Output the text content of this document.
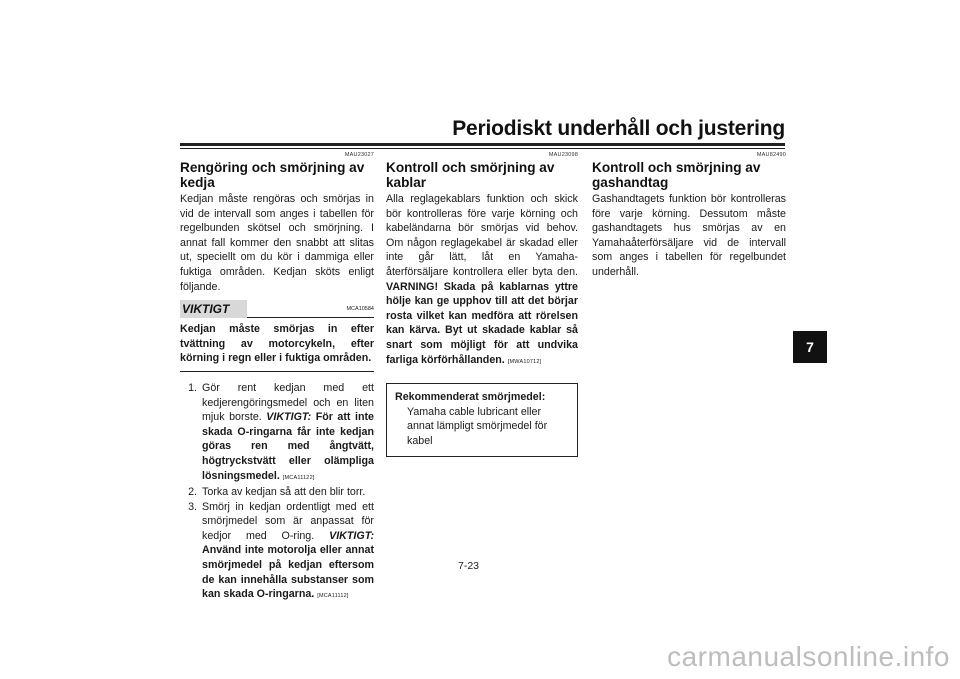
Periodiskt underhåll och justering
MAU23027
Rengöring och smörjning av kedja

Kedjan måste rengöras och smörjas in vid de intervall som anges i tabellen för regelbunden skötsel och smörjning. I annat fall kommer den snabbt att slitas ut, speciellt om du kör i dammiga eller fuktiga områden. Kedjan sköts enligt följande.

VIKTIGT	MCA10584

Kedjan måste smörjas in efter tvättning av motorcykeln, efter körning i regn eller i fuktiga områden.

1. Gör rent kedjan med ett kedjerengöringsmedel och en liten mjuk borste. VIKTIGT: För att inte skada O-ringarna får inte kedjan göras ren med ångtvätt, högtryckstvätt eller olämpliga lösningsmedel. [MCA11122]
2. Torka av kedjan så att den blir torr.
3. Smörj in kedjan ordentligt med ett smörjmedel som är anpassat för kedjor med O-ring. VIKTIGT: Använd inte motorolja eller annat smörjmedel på kedjan eftersom de kan innehålla substanser som kan skada O-ringarna. [MCA11112]
MAU23098
Kontroll och smörjning av kablar

Alla reglagekablars funktion och skick bör kontrolleras före varje körning och kabeländarna bör smörjas vid behov. Om någon reglagekabel är skadad eller inte går lätt, låt en Yamaha-återförsäljare kontrollera eller byta den. VARNING! Skada på kablarnas yttre hölje kan ge upphov till att det börjar rosta vilket kan medföra att rörelsen kan kärva. Byt ut skadade kablar så snart som möjligt för att undvika farliga körförhållanden. [MWA10712]

Rekommenderat smörjmedel:
Yamaha cable lubricant eller annat lämpligt smörjmedel för kabel
MAU82490
Kontroll och smörjning av gashandtag

Gashandtagets funktion bör kontrolleras före varje körning. Dessutom måste gashandtagets hus smörjas av en Yamahaåterförsäljare vid de intervall som anges i tabellen för regelbundet underhåll.

7
7-23
carmanualsonline.info
